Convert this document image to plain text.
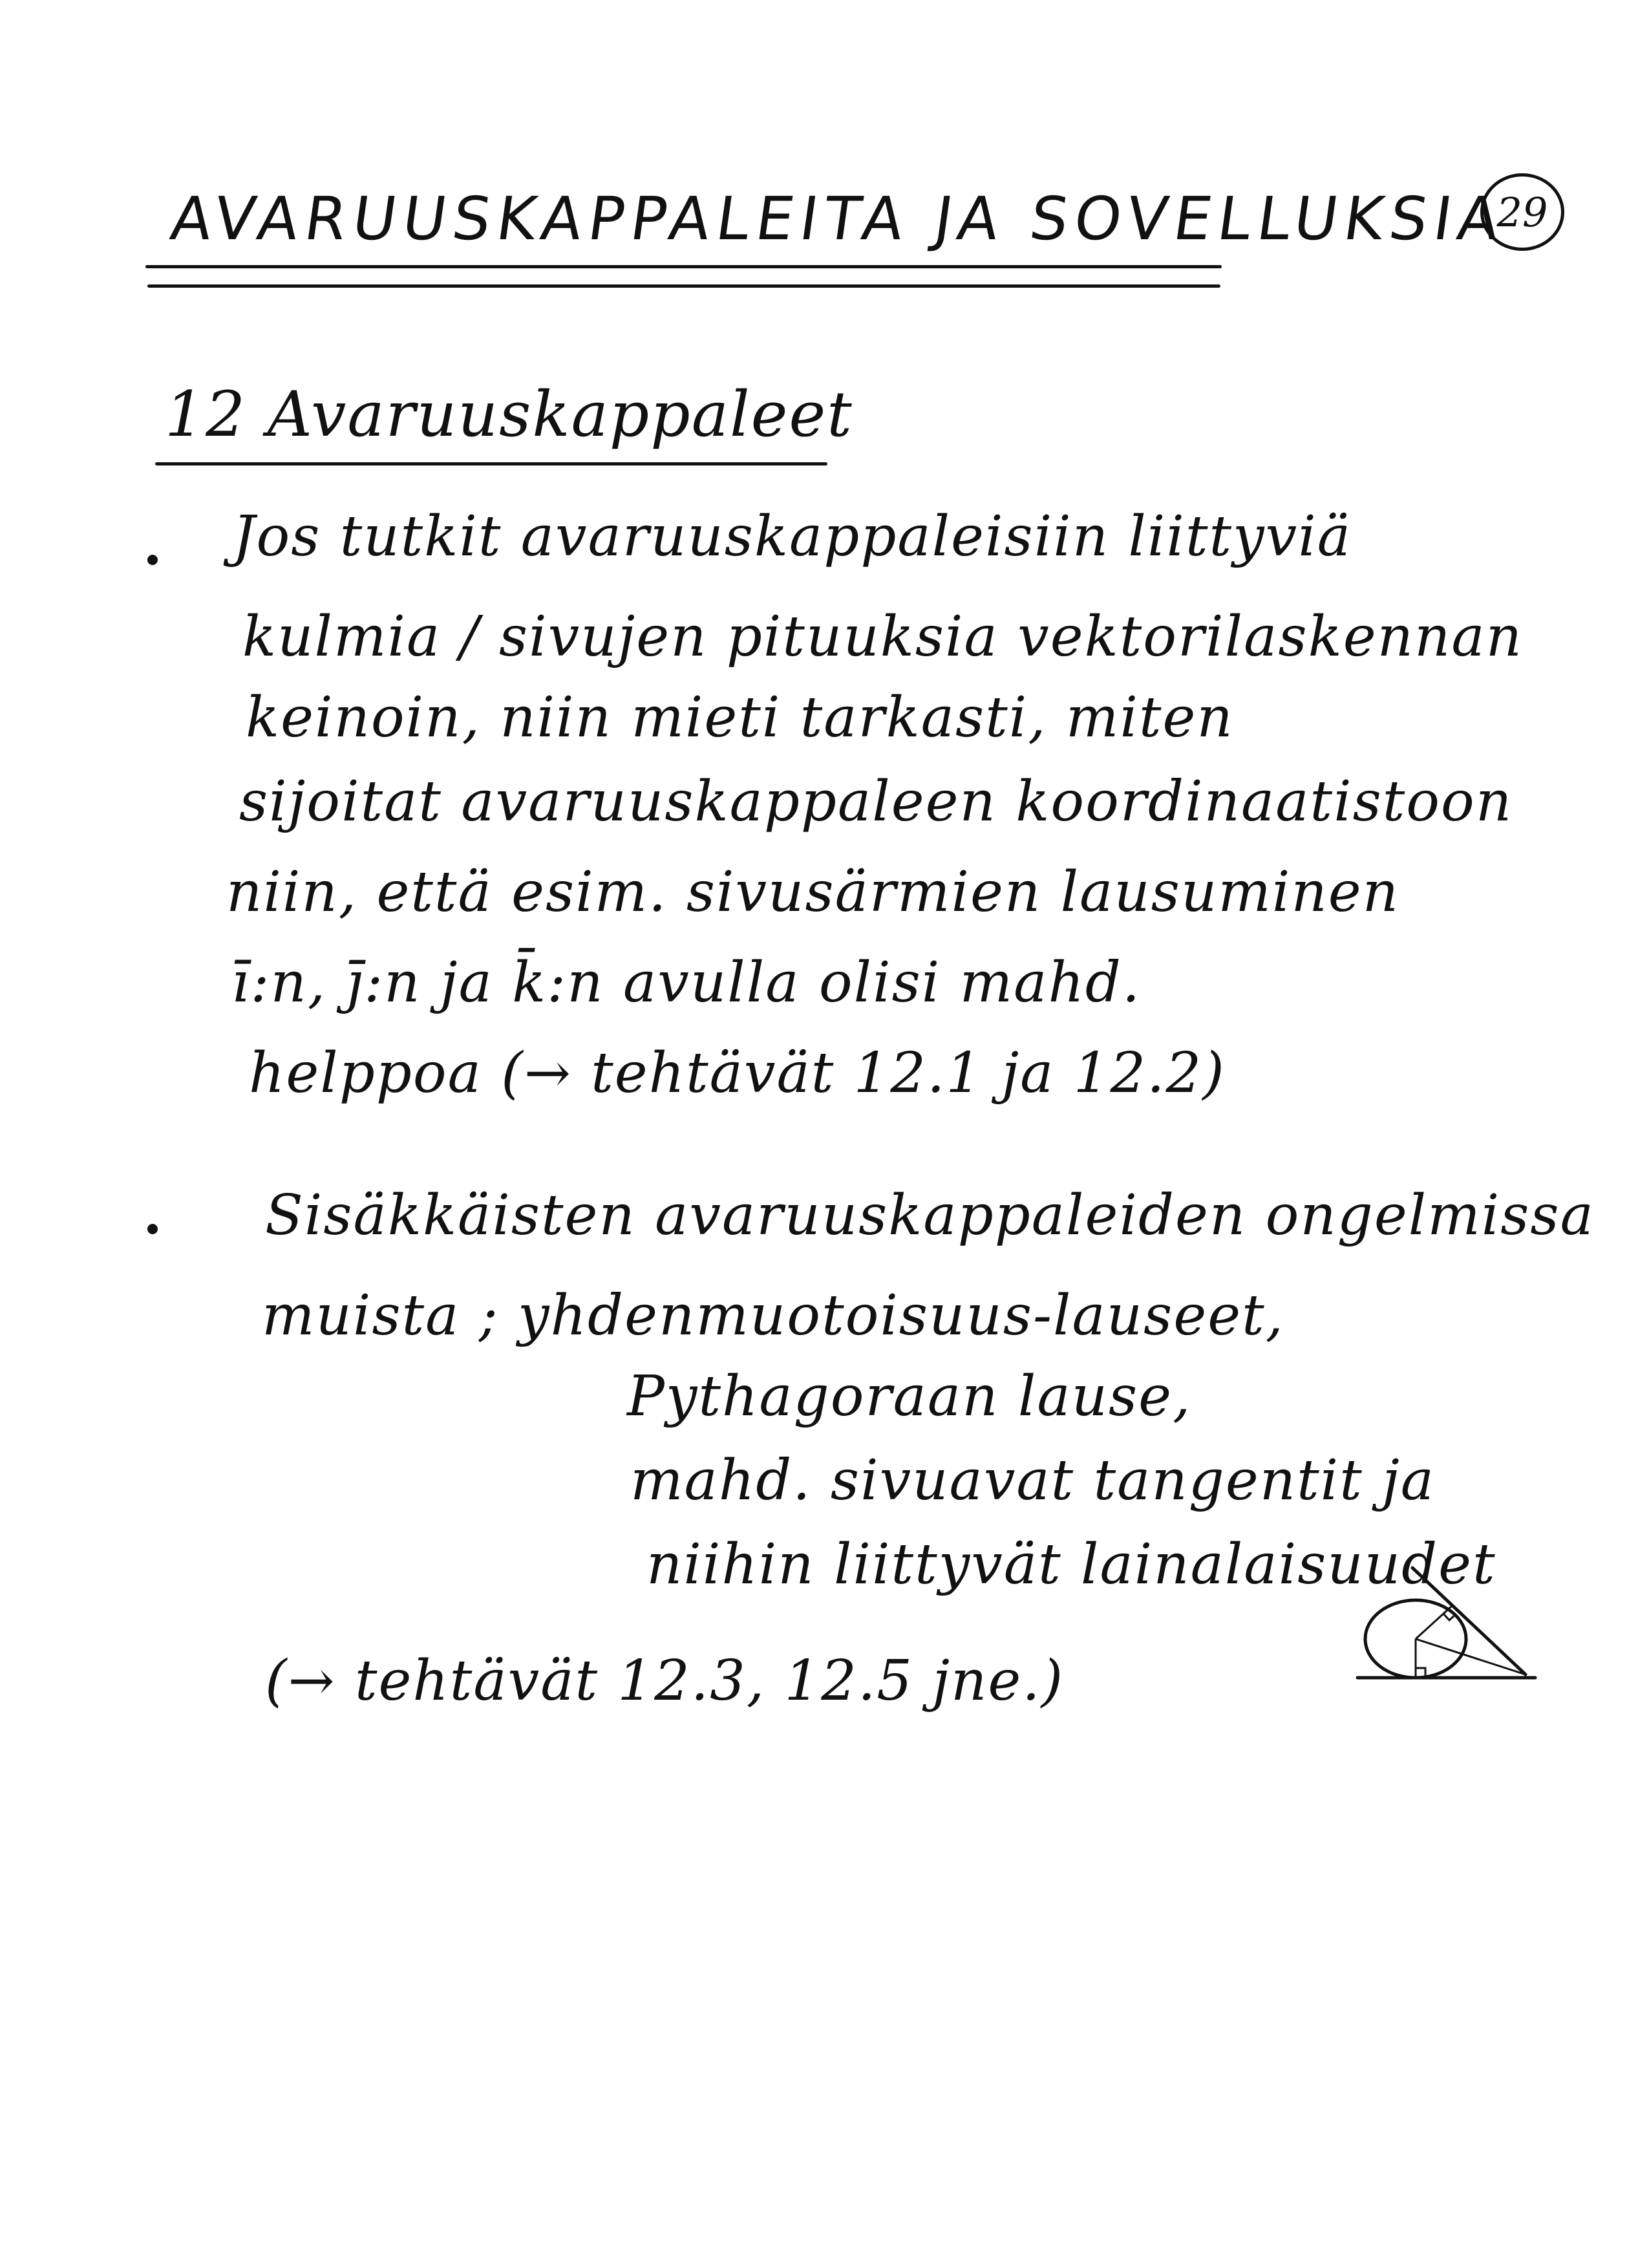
AVARUUSKAPPALEITA JA SOVELLUKSIA
29
12 Avaruuskappaleet
Jos tutkit avaruuskappaleisiin liittyviä
kulmia / sivujen pituuksia vektorilaskennan
keinoin, niin mieti tarkasti, miten
sijoitat avaruuskappaleen koordinaatistoon
niin, että esim. sivusärmien lausuminen
ī:n, j̄:n ja k̄:n avulla olisi mahd.
helppoa (→ tehtävät 12.1 ja 12.2)
Sisäkkäisten avaruuskappaleiden ongelmissa
muista ; yhdenmuotoisuus-lauseet,
Pythagoraan lause,
mahd. sivuavat tangentit ja
niihin liittyvät lainalaisuudet
(→ tehtävät 12.3, 12.5 jne.)
